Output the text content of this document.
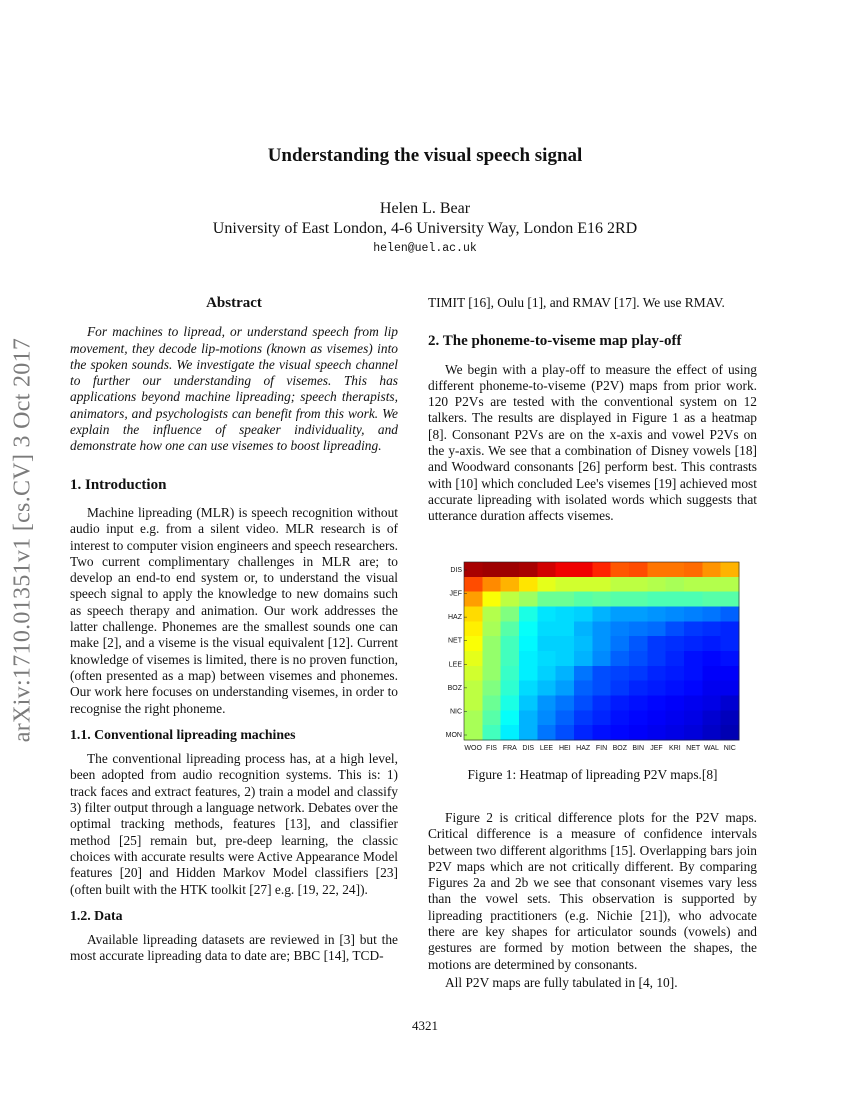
arXiv:1710.01351v1 [cs.CV] 3 Oct 2017
Understanding the visual speech signal
Helen L. Bear
University of East London, 4-6 University Way, London E16 2RD
helen@uel.ac.uk
Abstract

For machines to lipread, or understand speech from lip movement, they decode lip-motions (known as visemes) into the spoken sounds. We investigate the visual speech channel to further our understanding of visemes. This has applications beyond machine lipreading; speech therapists, animators, and psychologists can benefit from this work. We explain the influence of speaker individuality, and demonstrate how one can use visemes to boost lipreading.

1. Introduction

Machine lipreading (MLR) is speech recognition without audio input e.g. from a silent video. MLR research is of interest to computer vision engineers and speech researchers. Two current complimentary challenges in MLR are; to develop an end-to end system or, to understand the visual speech signal to apply the knowledge to new domains such as speech therapy and animation. Our work addresses the latter challenge. Phonemes are the smallest sounds one can make [2], and a viseme is the visual equivalent [12]. Current knowledge of visemes is limited, there is no proven function, (often presented as a map) between visemes and phonemes. Our work here focuses on understanding visemes, in order to recognise the right phoneme.

1.1. Conventional lipreading machines

The conventional lipreading process has, at a high level, been adopted from audio recognition systems. This is: 1) track faces and extract features, 2) train a model and classify 3) filter output through a language network. Debates over the optimal tracking methods, features [13], and classifier method [25] remain but, pre-deep learning, the classic choices with accurate results were Active Appearance Model features [20] and Hidden Markov Model classifiers [23] (often built with the HTK toolkit [27] e.g. [19, 22, 24]).

1.2. Data

Available lipreading datasets are reviewed in [3] but the most accurate lipreading data to date are; BBC [14], TCD-

TIMIT [16], Oulu [1], and RMAV [17]. We use RMAV.

2. The phoneme-to-viseme map play-off

We begin with a play-off to measure the effect of using different phoneme-to-viseme (P2V) maps from prior work. 120 P2Vs are tested with the conventional system on 12 talkers. The results are displayed in Figure 1 as a heatmap [8]. Consonant P2Vs are on the x-axis and vowel P2Vs on the y-axis. We see that a combination of Disney vowels [18] and Woodward consonants [26] perform best. This contrasts with [10] which concluded Lee's visemes [19] achieved most accurate lipreading with isolated words which suggests that utterance duration affects visemes.

DIS
JEF
HAZ
NET
LEE
BOZ
NIC
MON
WOO FIS FRA DIS LEE HEI HAZ FIN BOZ BIN JEF KRI NET WAL NIC
Figure 1: Heatmap of lipreading P2V maps.[8]

Figure 2 is critical difference plots for the P2V maps. Critical difference is a measure of confidence intervals between two different algorithms [15]. Overlapping bars join P2V maps which are not critically different. By comparing Figures 2a and 2b we see that consonant visemes vary less than the vowel sets. This observation is supported by lipreading practitioners (e.g. Nichie [21]), who advocate there are key shapes for articulator sounds (vowels) and gestures are formed by motion between the shapes, the motions are determined by consonants.

All P2V maps are fully tabulated in [4, 10].

4321
